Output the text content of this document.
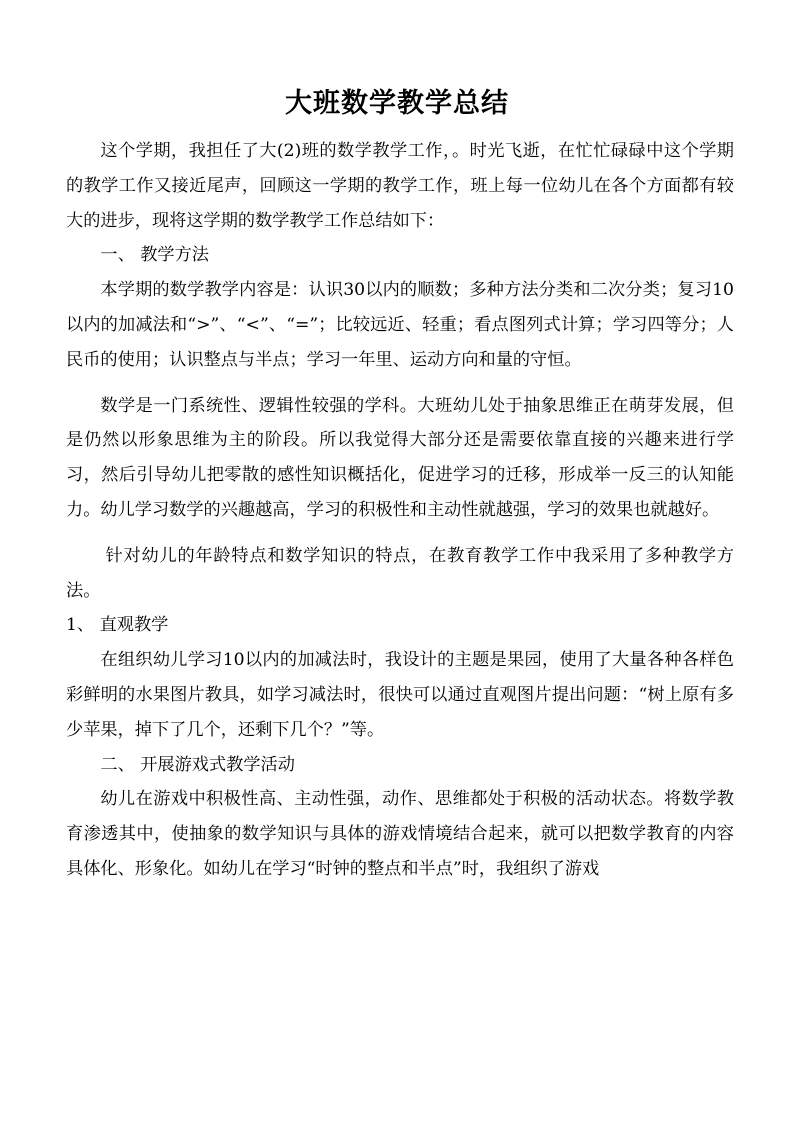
大班数学教学总结

这个学期，我担任了大(2)班的数学教学工作，。时光飞逝，在忙忙碌碌中这个学期的教学工作又接近尾声，回顾这一学期的教学工作，班上每一位幼儿在各个方面都有较大的进步，现将这学期的数学教学工作总结如下：

一、 教学方法

本学期的数学教学内容是：认识30以内的顺数；多种方法分类和二次分类；复习10以内的加减法和“>”、“<”、“=”；比较远近、轻重；看点图列式计算；学习四等分；人民币的使用；认识整点与半点；学习一年里、运动方向和量的守恒。

数学是一门系统性、逻辑性较强的学科。大班幼儿处于抽象思维正在萌芽发展，但是仍然以形象思维为主的阶段。所以我觉得大部分还是需要依靠直接的兴趣来进行学习，然后引导幼儿把零散的感性知识概括化，促进学习的迁移，形成举一反三的认知能力。幼儿学习数学的兴趣越高，学习的积极性和主动性就越强，学习的效果也就越好。

针对幼儿的年龄特点和数学知识的特点，在教育教学工作中我采用了多种教学方法。

1、 直观教学

在组织幼儿学习10以内的加减法时，我设计的主题是果园，使用了大量各种各样色彩鲜明的水果图片教具，如学习减法时，很快可以通过直观图片提出问题：“树上原有多少苹果，掉下了几个，还剩下几个？”等。

二、 开展游戏式教学活动

幼儿在游戏中积极性高、主动性强，动作、思维都处于积极的活动状态。将数学教育渗透其中，使抽象的数学知识与具体的游戏情境结合起来，就可以把数学教育的内容具体化、形象化。如幼儿在学习“时钟的整点和半点”时，我组织了游戏
